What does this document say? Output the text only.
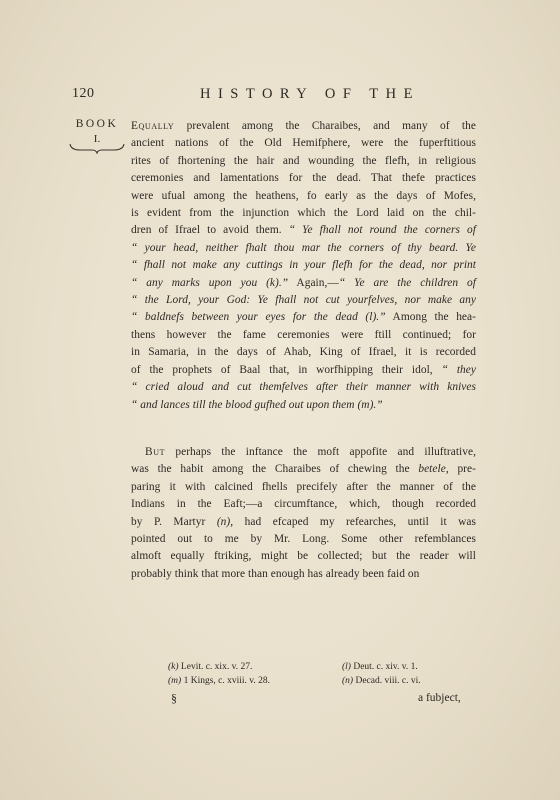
120	HISTORY OF THE
BOOK
I.

Equally prevalent among the Charaibes, and many of the
ancient nations of the Old Hemifphere, were the fuperftitious
rites of fhortening the hair and wounding the flefh, in religious
ceremonies and lamentations for the dead. That thefe practices
were ufual among the heathens, fo early as the days of Mofes,
is evident from the injunction which the Lord laid on the chil-
dren of Ifrael to avoid them. “ Ye fhall not round the corners of
“ your head, neither fhalt thou mar the corners of thy beard. Ye
“ fhall not make any cuttings in your flefh for the dead, nor print
“ any marks upon you (k).” Again,—“ Ye are the children of
“ the Lord, your God: Ye fhall not cut yourfelves, nor make any
“ baldnefs between your eyes for the dead (l).” Among the hea-
thens however the fame ceremonies were ftill continued; for
in Samaria, in the days of Ahab, King of Ifrael, it is recorded
of the prophets of Baal that, in worfhipping their idol, “ they
“ cried aloud and cut themfelves after their manner with knives
“ and lances till the blood gufhed out upon them (m).”

But perhaps the inftance the moft appofite and illuftrative,
was the habit among the Charaibes of chewing the betele, pre-
paring it with calcined fhells precifely after the manner of the
Indians in the Eaft;—a circumftance, which, though recorded
by P. Martyr (n), had efcaped my refearches, until it was
pointed out to me by Mr. Long. Some other refemblances
almoft equally ftriking, might be collected; but the reader will
probably think that more than enough has already been faid on

(k) Levit. c. xix. v. 27.	(l) Deut. c. xiv. v. 1.
(m) 1 Kings, c. xviii. v. 28.	(n) Decad. viii. c. vi.
§	a fubject,
